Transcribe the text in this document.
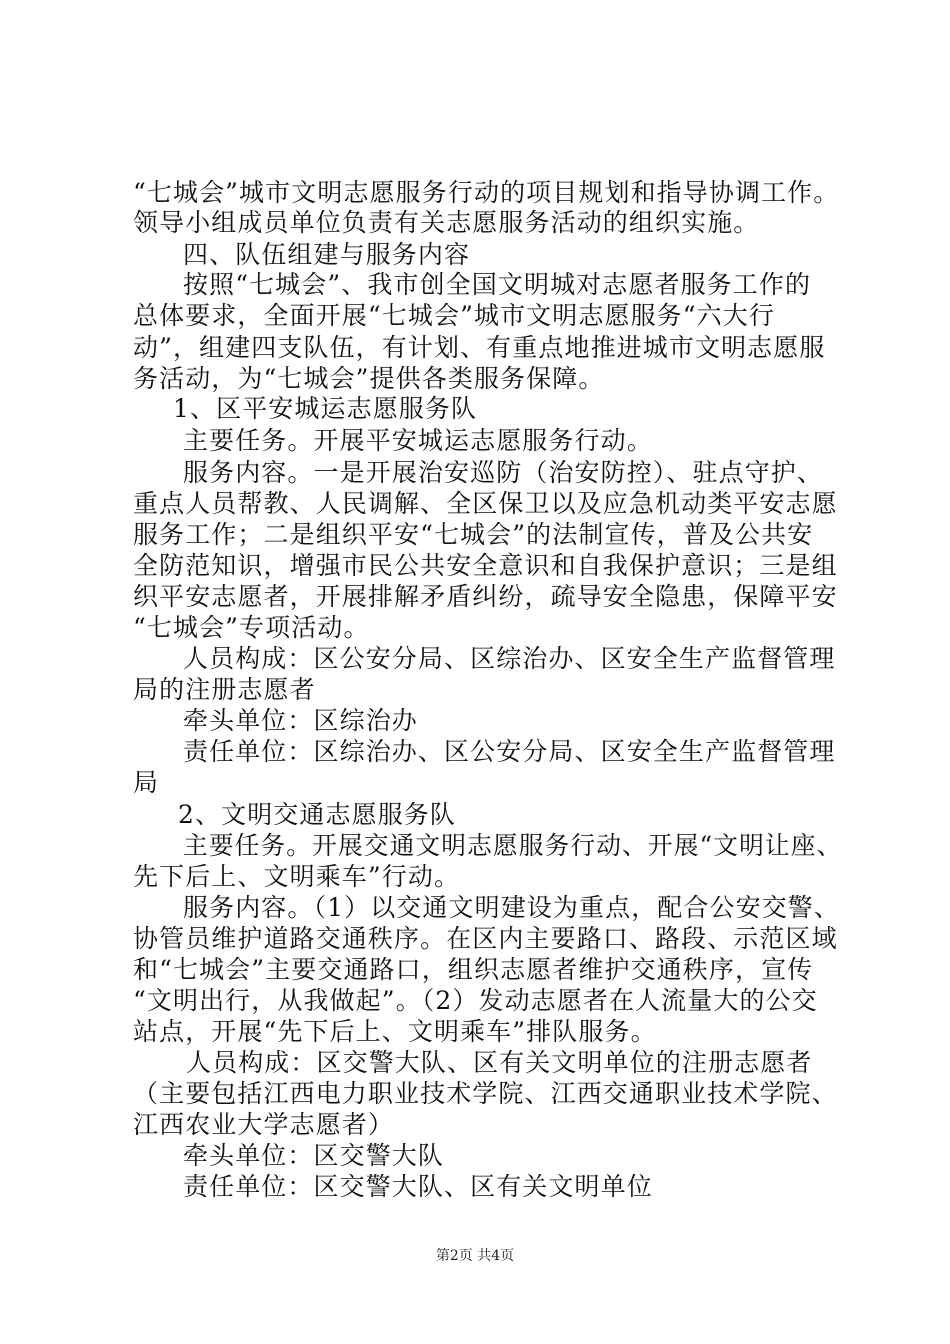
“七城会”城市文明志愿服务行动的项目规划和指导协调工作。
领导小组成员单位负责有关志愿服务活动的组织实施。
四、队伍组建与服务内容
按照“七城会”、我市创全国文明城对志愿者服务工作的
总体要求，全面开展“七城会”城市文明志愿服务“六大行
动”，组建四支队伍，有计划、有重点地推进城市文明志愿服
务活动，为“七城会”提供各类服务保障。
1、区平安城运志愿服务队
主要任务。开展平安城运志愿服务行动。
服务内容。一是开展治安巡防（治安防控）、驻点守护、
重点人员帮教、人民调解、全区保卫以及应急机动类平安志愿
服务工作；二是组织平安“七城会”的法制宣传，普及公共安
全防范知识，增强市民公共安全意识和自我保护意识；三是组
织平安志愿者，开展排解矛盾纠纷，疏导安全隐患，保障平安
“七城会”专项活动。
人员构成：区公安分局、区综治办、区安全生产监督管理
局的注册志愿者
牵头单位：区综治办
责任单位：区综治办、区公安分局、区安全生产监督管理
局
2、文明交通志愿服务队
主要任务。开展交通文明志愿服务行动、开展“文明让座、
先下后上、文明乘车”行动。
服务内容。（1）以交通文明建设为重点，配合公安交警、
协管员维护道路交通秩序。在区内主要路口、路段、示范区域
和“七城会”主要交通路口，组织志愿者维护交通秩序，宣传
“文明出行，从我做起”。（2）发动志愿者在人流量大的公交
站点，开展“先下后上、文明乘车”排队服务。
人员构成：区交警大队、区有关文明单位的注册志愿者
（主要包括江西电力职业技术学院、江西交通职业技术学院、
江西农业大学志愿者）
牵头单位：区交警大队
责任单位：区交警大队、区有关文明单位
第2页 共4页
